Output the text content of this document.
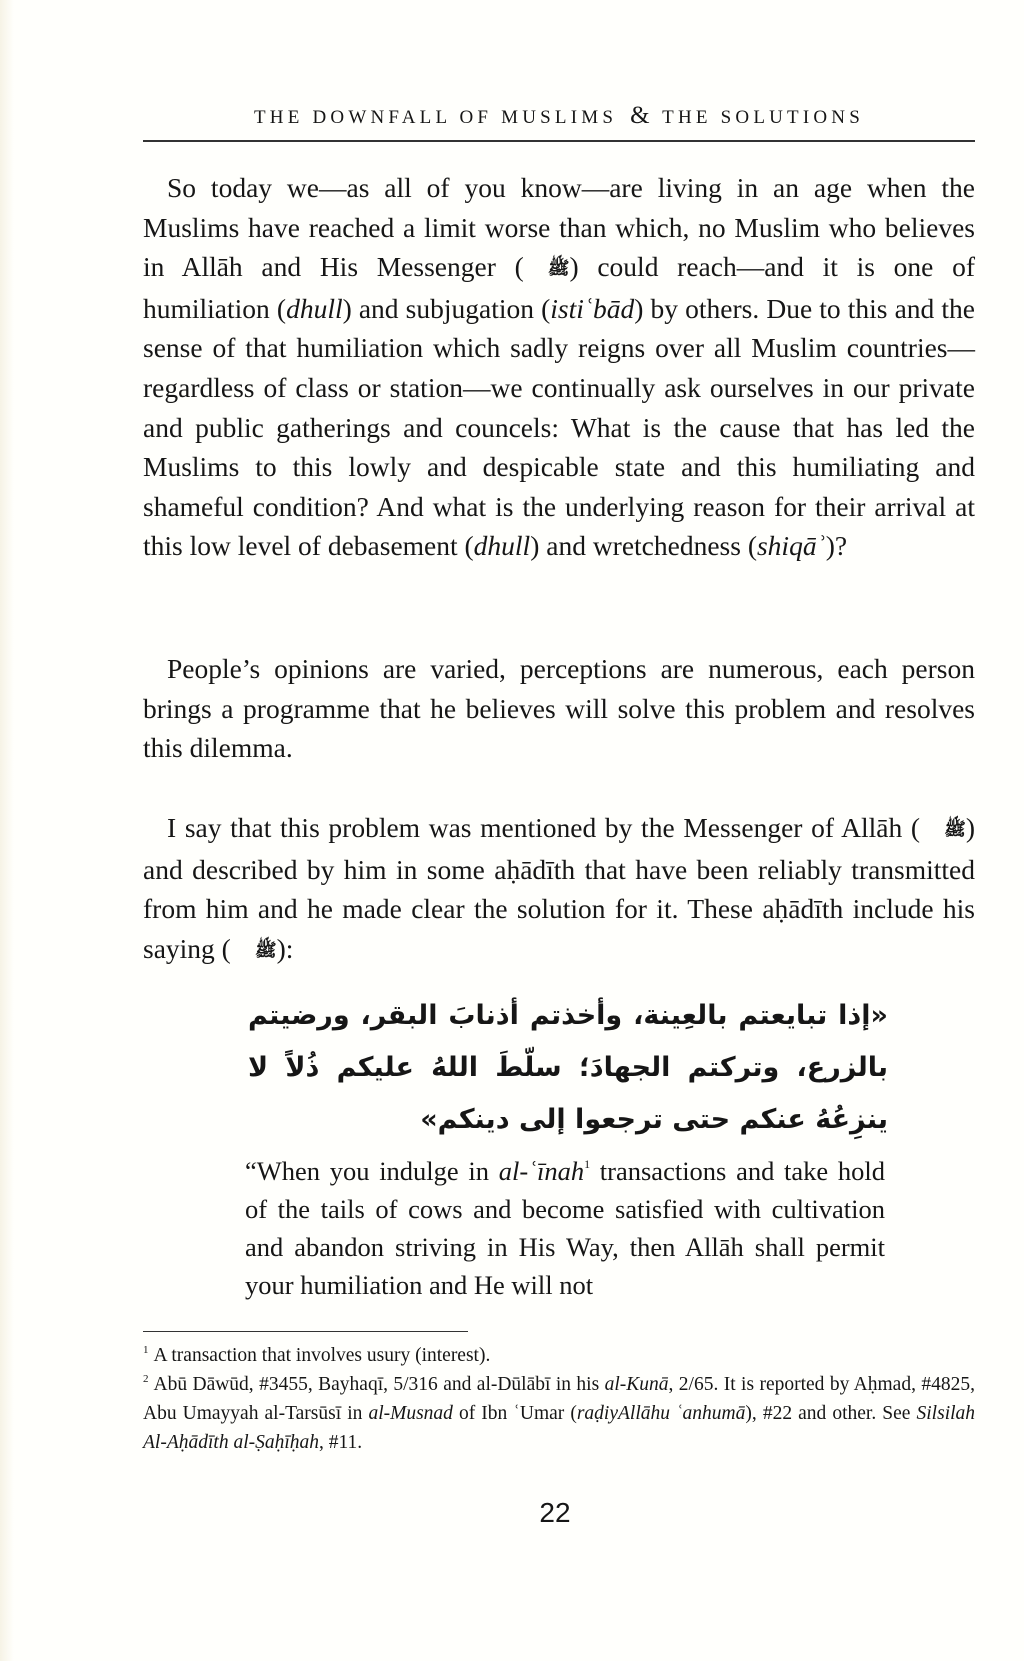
THE DOWNFALL OF MUSLIMS & THE SOLUTIONS

So today we—as all of you know—are living in an age when the Muslims have reached a limit worse than which, no Muslim who believes in Allāh and His Messenger ( ﷺ) could reach—and it is one of humiliation (dhull) and subjugation (istiʿbād) by others. Due to this and the sense of that humiliation which sadly reigns over all Muslim countries—regardless of class or station—we continually ask ourselves in our private and public gatherings and councels: What is the cause that has led the Muslims to this lowly and despicable state and this humiliating and shameful condition? And what is the underlying reason for their arrival at this low level of debasement (dhull) and wretchedness (shiqāʾ)?

People’s opinions are varied, perceptions are numerous, each person brings a programme that he believes will solve this problem and resolves this dilemma.

I say that this problem was mentioned by the Messenger of Allāh ( ﷺ) and described by him in some aḥādīth that have been reliably transmitted from him and he made clear the solution for it. These aḥādīth include his saying ( ﷺ):

«إذا تبايعتم بالعِينة، وأخذتم أذنابَ البقر، ورضيتم بالزرع، وتركتم الجهادَ؛ سلّطَ اللهُ عليكم ذُلاً لا ينزِعُهُ عنكم حتى ترجعوا إلى دينكم»

“When you indulge in al-ʿīnah$^1$ transactions and take hold of the tails of cows and become satisfied with cultivation and abandon striving in His Way, then Allāh shall permit your humiliation and He will not

$^1$ A transaction that involves usury (interest).

$^2$ Abū Dāwūd, #3455, Bayhaqī, 5/316 and al-Dūlābī in his al-Kunā, 2/65. It is reported by Aḥmad, #4825, Abu Umayyah al-Tarsūsī in al-Musnad of Ibn ʿUmar (raḍiyAllāhu ʿanhumā), #22 and other. See Silsilah Al-Aḥādīth al-Ṣaḥīḥah, #11.

22
